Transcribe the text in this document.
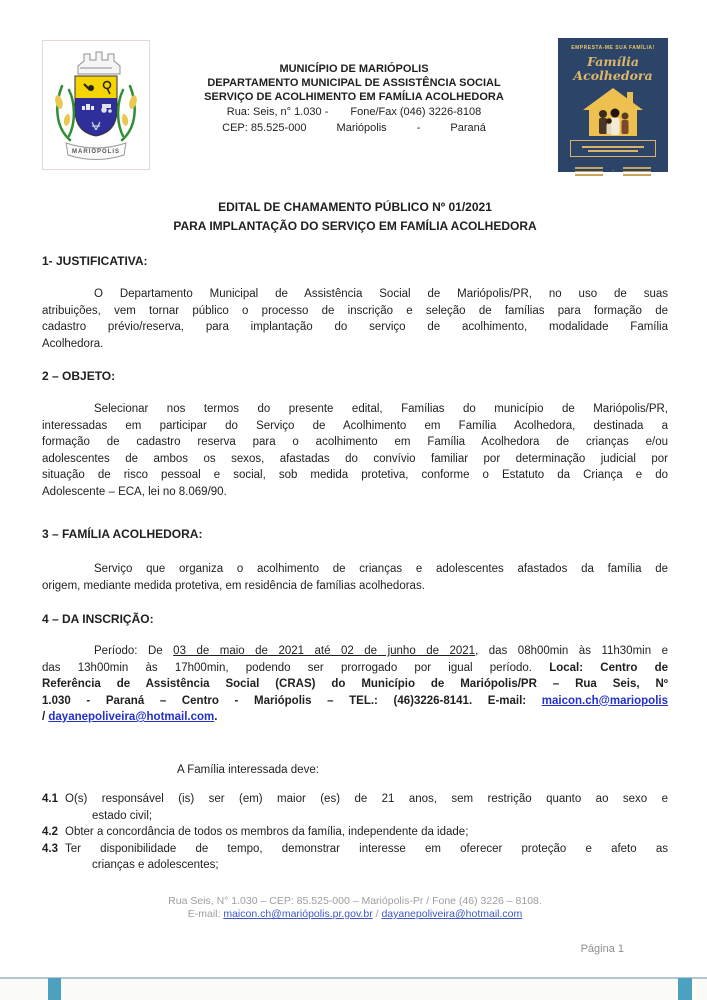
MARIÓPOLIS
MUNICÍPIO DE MARIÓPOLIS
DEPARTAMENTO MUNICIPAL DE ASSISTÊNCIA SOCIAL
SERVIÇO DE ACOLHIMENTO EM FAMÍLIA ACOLHEDORA
Rua: Seis, n° 1.030 - Fone/Fax (046) 3226-8108
CEP: 85.525-000	Mariópolis	-	Paraná
EMPRESTA-ME SUA FAMÍLIA!
Família
Acolhedora
-
EDITAL DE CHAMAMENTO PÚBLICO Nº 01/2021
PARA IMPLANTAÇÃO DO SERVIÇO EM FAMÍLIA ACOLHEDORA
1- JUSTIFICATIVA:
O Departamento Municipal de Assistência Social de Mariópolis/PR, no uso de suas
atribuições, vem tornar público o processo de inscrição e seleção de famílias para formação de
cadastro prévio/reserva, para implantação do serviço de acolhimento, modalidade Família
Acolhedora.
2 – OBJETO:
Selecionar nos termos do presente edital, Famílias do município de Mariópolis/PR,
interessadas em participar do Serviço de Acolhimento em Família Acolhedora, destinada a
formação de cadastro reserva para o acolhimento em Família Acolhedora de crianças e/ou
adolescentes de ambos os sexos, afastadas do convívio familiar por determinação judicial por
situação de risco pessoal e social, sob medida protetiva, conforme o Estatuto da Criança e do
Adolescente – ECA, lei no 8.069/90.
3 – FAMÍLIA ACOLHEDORA:
Serviço que organiza o acolhimento de crianças e adolescentes afastados da família de
origem, mediante medida protetiva, em residência de famílias acolhedoras.
4 – DA INSCRIÇÃO:
Período: De 03 de maio de 2021 até 02 de junho de 2021, das 08h00min às 11h30min e
das 13h00min às 17h00min, podendo ser prorrogado por igual período. Local: Centro de
Referência de Assistência Social (CRAS) do Município de Mariópolis/PR – Rua Seis, Nº
1.030 - Paraná – Centro - Mariópolis – TEL.: (46)3226-8141. E-mail: maicon.ch@mariopolis
/ dayanepoliveira@hotmail.com.
A Família interessada deve:
4.1 O(s) responsável (is) ser (em) maior (es) de 21 anos, sem restrição quanto ao sexo e
estado civil;
4.2 Obter a concordância de todos os membros da família, independente da idade;
4.3 Ter disponibilidade de tempo, demonstrar interesse em oferecer proteção e afeto as
crianças e adolescentes;
Rua Seis, N° 1.030 – CEP: 85.525-000 – Mariópolis-Pr / Fone (46) 3226 – 8108.
E-mail: maicon.ch@mariópolis.pr.gov.br / dayanepoliveira@hotmail.com
Página 1
